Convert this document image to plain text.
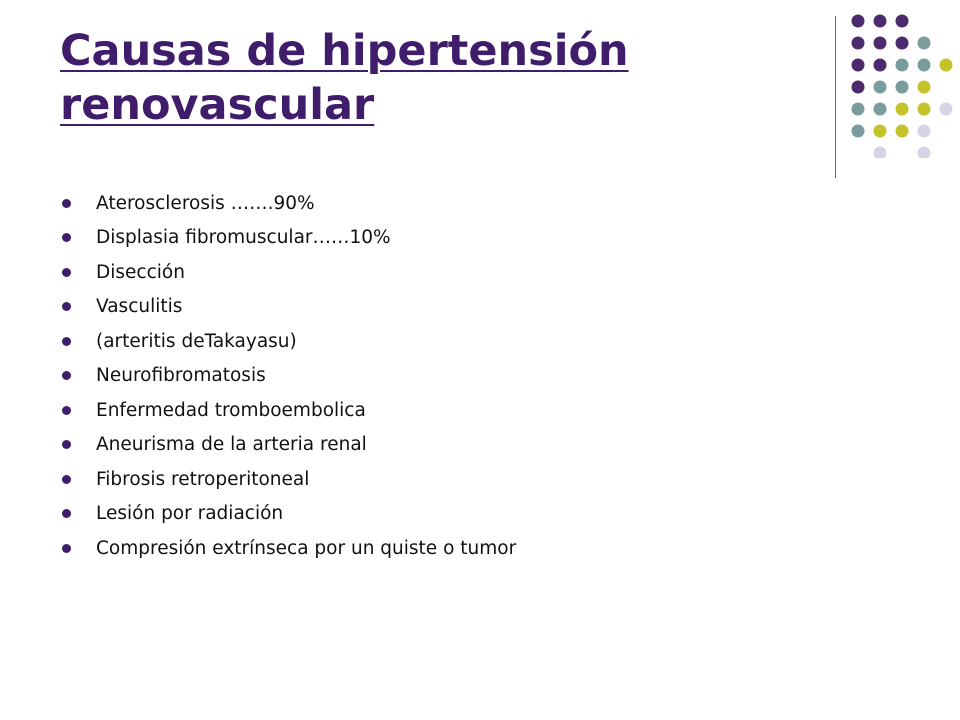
Causas de hipertensión
renovascular
Aterosclerosis …….90%
Displasia fibromuscular……10%
Disección
Vasculitis
(arteritis deTakayasu)
Neurofibromatosis
Enfermedad tromboembolica
Aneurisma de la arteria renal
Fibrosis retroperitoneal
Lesión por radiación
Compresión extrínseca por un quiste o tumor
